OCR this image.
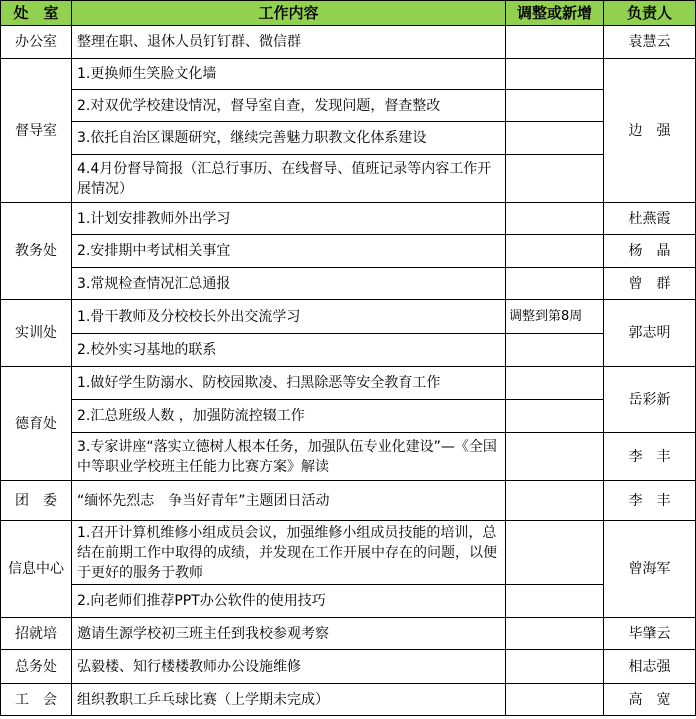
处　室	工作内容	调整或新增	负责人
办公室	整理在职、退休人员钉钉群、微信群		袁慧云
督导室	1.更换师生笑脸文化墙		边　强
	2.对双优学校建设情况，督导室自查，发现问题，督查整改		
	3.依托自治区课题研究，继续完善魅力职教文化体系建设		
	4.4月份督导简报（汇总行事历、在线督导、值班记录等内容工作开展情况）		
教务处	1.计划安排教师外出学习		杜燕霞
	2.安排期中考试相关事宜		杨　晶
	3.常规检查情况汇总通报		曾　群
实训处	1.骨干教师及分校校长外出交流学习	调整到第8周	郭志明
	2.校外实习基地的联系		
德育处	1.做好学生防溺水、防校园欺凌、扫黑除恶等安全教育工作		岳彩新
	2.汇总班级人数 ，加强防流控辍工作		
	3.专家讲座“落实立德树人根本任务，加强队伍专业化建设”—《全国中等职业学校班主任能力比赛方案》解读		李　丰
团　委	“缅怀先烈志　争当好青年”主题团日活动		李　丰
信息中心	1.召开计算机维修小组成员会议，加强维修小组成员技能的培训，总结在前期工作中取得的成绩，并发现在工作开展中存在的问题，以便于更好的服务于教师		曾海军
	2.向老师们推荐PPT办公软件的使用技巧		
招就培	邀请生源学校初三班主任到我校参观考察		毕肇云
总务处	弘毅楼、知行楼楼教师办公设施维修		相志强
工　会	组织教职工乒乓球比赛（上学期未完成）		高　宽
